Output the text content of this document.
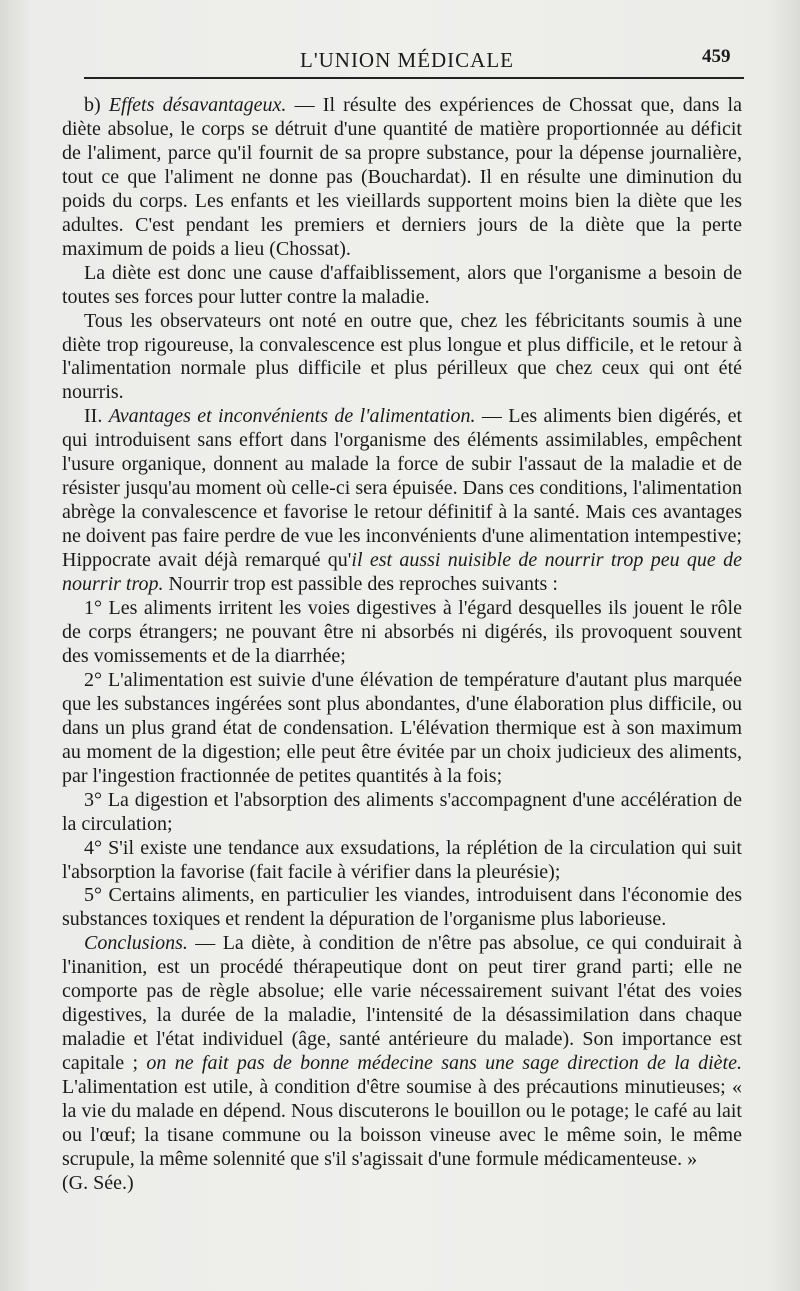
L'UNION MÉDICALE	459

b) Effets désavantageux. — Il résulte des expériences de Chossat que, dans la diète absolue, le corps se détruit d'une quantité de matière proportionnée au déficit de l'aliment, parce qu'il fournit de sa propre substance, pour la dépense journalière, tout ce que l'aliment ne donne pas (Bouchardat). Il en résulte une diminution du poids du corps. Les enfants et les vieillards supportent moins bien la diète que les adultes. C'est pendant les premiers et derniers jours de la diète que la perte maximum de poids a lieu (Chossat).

La diète est donc une cause d'affaiblissement, alors que l'organisme a besoin de toutes ses forces pour lutter contre la maladie.

Tous les observateurs ont noté en outre que, chez les fébricitants soumis à une diète trop rigoureuse, la convalescence est plus longue et plus difficile, et le retour à l'alimentation normale plus difficile et plus périlleux que chez ceux qui ont été nourris.

II. Avantages et inconvénients de l'alimentation. — Les aliments bien digérés, et qui introduisent sans effort dans l'organisme des éléments assimilables, empêchent l'usure organique, donnent au malade la force de subir l'assaut de la maladie et de résister jusqu'au moment où celle-ci sera épuisée. Dans ces conditions, l'alimentation abrège la convalescence et favorise le retour définitif à la santé. Mais ces avantages ne doivent pas faire perdre de vue les inconvénients d'une alimentation intempestive; Hippocrate avait déjà remarqué qu'il est aussi nuisible de nourrir trop peu que de nourrir trop. Nourrir trop est passible des reproches suivants :

1° Les aliments irritent les voies digestives à l'égard desquelles ils jouent le rôle de corps étrangers; ne pouvant être ni absorbés ni digérés, ils provoquent souvent des vomissements et de la diarrhée;

2° L'alimentation est suivie d'une élévation de température d'autant plus marquée que les substances ingérées sont plus abondantes, d'une élaboration plus difficile, ou dans un plus grand état de condensation. L'élévation thermique est à son maximum au moment de la digestion; elle peut être évitée par un choix judicieux des aliments, par l'ingestion fractionnée de petites quantités à la fois;

3° La digestion et l'absorption des aliments s'accompagnent d'une accélération de la circulation;

4° S'il existe une tendance aux exsudations, la réplétion de la circulation qui suit l'absorption la favorise (fait facile à vérifier dans la pleurésie);

5° Certains aliments, en particulier les viandes, introduisent dans l'économie des substances toxiques et rendent la dépuration de l'organisme plus laborieuse.

Conclusions. — La diète, à condition de n'être pas absolue, ce qui conduirait à l'inanition, est un procédé thérapeutique dont on peut tirer grand parti; elle ne comporte pas de règle absolue; elle varie nécessairement suivant l'état des voies digestives, la durée de la maladie, l'intensité de la désassimilation dans chaque maladie et l'état individuel (âge, santé antérieure du malade). Son importance est capitale ; on ne fait pas de bonne médecine sans une sage direction de la diète. L'alimentation est utile, à condition d'être soumise à des précautions minutieuses; « la vie du malade en dépend. Nous discuterons le bouillon ou le potage; le café au lait ou l'œuf; la tisane commune ou la boisson vineuse avec le même soin, le même scrupule, la même solennité que s'il s'agissait d'une formule médicamenteuse. »

(G. Sée.)
